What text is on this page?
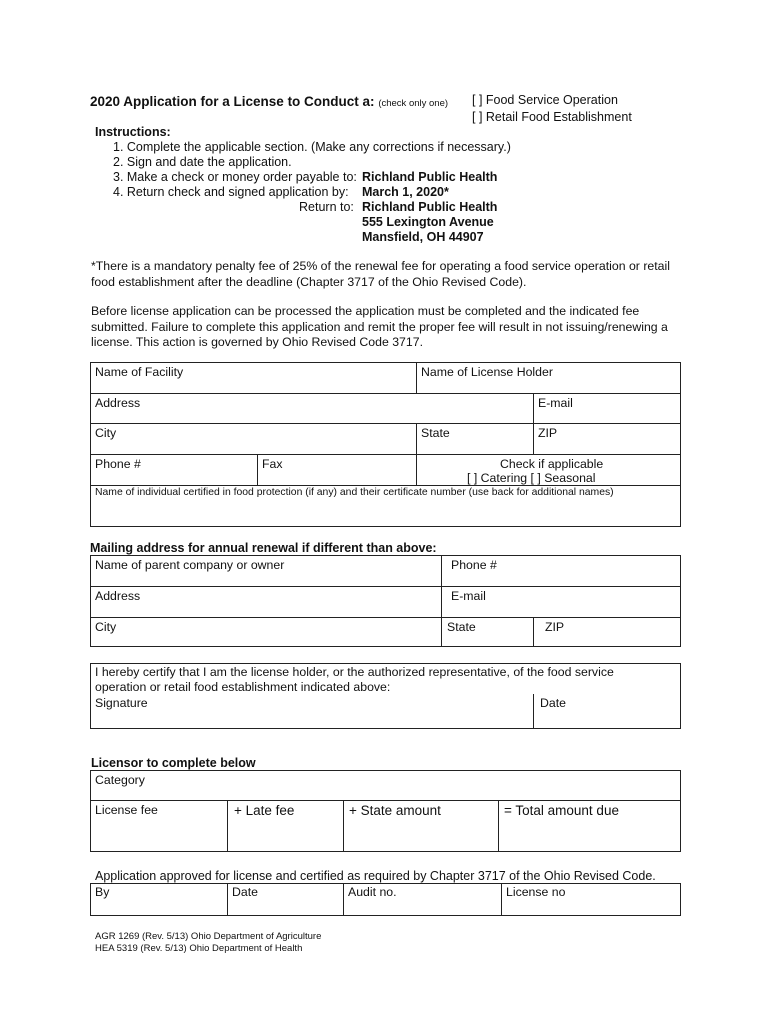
2020 Application for a License to Conduct a: (check only one) [ ] Food Service Operation
[ ] Retail Food Establishment
Instructions:
1. Complete the applicable section. (Make any corrections if necessary.)
2. Sign and date the application.
3. Make a check or money order payable to: Richland Public Health
4. Return check and signed application by: March 1, 2020*
Return to: Richland Public Health
555 Lexington Avenue
Mansfield, OH 44907
*There is a mandatory penalty fee of 25% of the renewal fee for operating a food service operation or retail food establishment after the deadline (Chapter 3717 of the Ohio Revised Code).
Before license application can be processed the application must be completed and the indicated fee submitted. Failure to complete this application and remit the proper fee will result in not issuing/renewing a license. This action is governed by Ohio Revised Code 3717.
Name of Facility	Name of License Holder
Address	E-mail
City	State	ZIP
Phone #	Fax	Check if applicable
[ ] Catering [ ] Seasonal
Name of individual certified in food protection (if any) and their certificate number (use back for additional names)
Mailing address for annual renewal if different than above:
Name of parent company or owner	Phone #
Address	E-mail
City	State	ZIP
I hereby certify that I am the license holder, or the authorized representative, of the food service operation or retail food establishment indicated above:
Signature	Date
Licensor to complete below
Category
License fee	+ Late fee	+ State amount	= Total amount due
Application approved for license and certified as required by Chapter 3717 of the Ohio Revised Code.
By	Date	Audit no.	License no
AGR 1269 (Rev. 5/13) Ohio Department of Agriculture
HEA 5319 (Rev. 5/13) Ohio Department of Health
